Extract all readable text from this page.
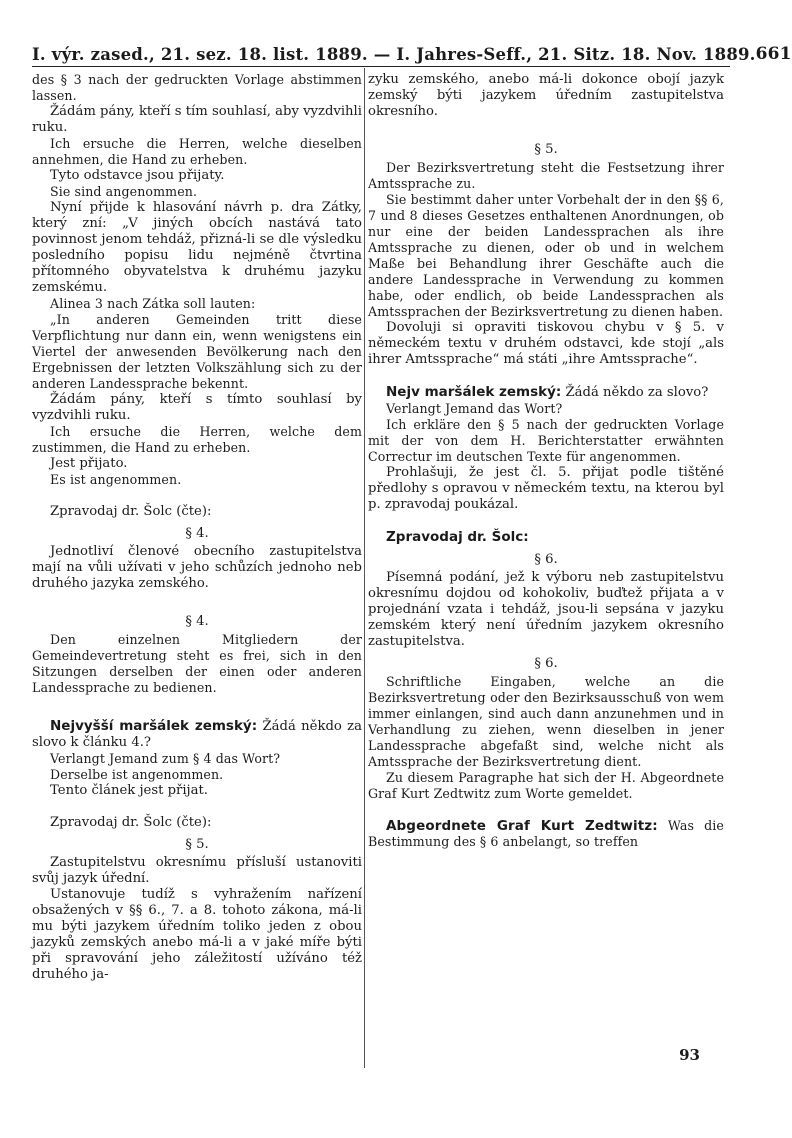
I. výr. zased., 21. sez. 18. list. 1889. — I. Jahres-Seff., 21. Sitz. 18. Nov. 1889. 661

des § 3 nach der gedruckten Vorlage abstimmen lassen.

Žádám pány, kteří s tím souhlasí, aby vyzdvihli ruku.

Ich ersuche die Herren, welche dieselben annehmen, die Hand zu erheben.

Tyto odstavce jsou přijaty.

Sie sind angenommen.

Nyní přijde k hlasování návrh p. dra Zátky, který zní: „V jiných obcích nastává tato povinnost jenom tehdáž, přizná-li se dle výsledku posledního popisu lidu nejméně čtvrtina přítomného obyvatelstva k druhému jazyku zemskému.

Alinea 3 nach Zátka soll lauten:

„In anderen Gemeinden tritt diese Verpflichtung nur dann ein, wenn wenigstens ein Viertel der anwesenden Bevölkerung nach den Ergebnissen der letzten Volkszählung sich zu der anderen Landessprache bekennt.

Žádám pány, kteří s tímto souhlasí by vyzdvihli ruku.

Ich ersuche die Herren, welche dem zustimmen, die Hand zu erheben.

Jest přijato.

Es ist angenommen.

Zpravodaj dr. Šolc (čte):

§ 4.

Jednotliví členové obecního zastupitelstva mají na vůli užívati v jeho schůzích jednoho neb druhého jazyka zemského.

§ 4.

Den einzelnen Mitgliedern der Gemeindevertretung steht es frei, sich in den Sitzungen derselben der einen oder anderen Landessprache zu bedienen.

Nejvyšší maršálek zemský: Žádá někdo za slovo k článku 4.?

Verlangt Jemand zum § 4 das Wort?

Derselbe ist angenommen.

Tento článek jest přijat.

Zpravodaj dr. Šolc (čte):

§ 5.

Zastupitelstvu okresnímu přísluší ustanoviti svůj jazyk úřední.

Ustanovuje tudíž s vyhražením nařízení obsažených v §§ 6., 7. a 8. tohoto zákona, má-li mu býti jazykem úředním toliko jeden z obou jazyků zemských anebo má-li a v jaké míře býti při spravování jeho záležitostí užíváno též druhého ja-

zyku zemského, anebo má-li dokonce obojí jazyk zemský býti jazykem úředním zastupitelstva okresního.

§ 5.

Der Bezirksvertretung steht die Festsetzung ihrer Amtssprache zu.

Sie bestimmt daher unter Vorbehalt der in den §§ 6, 7 und 8 dieses Gesetzes enthaltenen Anordnungen, ob nur eine der beiden Landessprachen als ihre Amtssprache zu dienen, oder ob und in welchem Maße bei Behandlung ihrer Geschäfte auch die andere Landessprache in Verwendung zu kommen habe, oder endlich, ob beide Landessprachen als Amtssprachen der Bezirksvertretung zu dienen haben.

Dovoluji si opraviti tiskovou chybu v § 5. v německém textu v druhém odstavci, kde stojí „als ihrer Amtssprache“ má státi „ihre Amtssprache“.

Nejv maršálek zemský: Žádá někdo za slovo?

Verlangt Jemand das Wort?

Ich erkläre den § 5 nach der gedruckten Vorlage mit der von dem H. Berichterstatter erwähnten Correctur im deutschen Texte für angenommen.

Prohlašuji, že jest čl. 5. přijat podle tištěné předlohy s opravou v německém textu, na kterou byl p. zpravodaj poukázal.

Zpravodaj dr. Šolc:

§ 6.

Písemná podání, jež k výboru neb zastupitelstvu okresnímu dojdou od kohokoliv, buďtež přijata a v projednání vzata i tehdáž, jsou-li sepsána v jazyku zemském který není úředním jazykem okresního zastupitelstva.

§ 6.

Schriftliche Eingaben, welche an die Bezirksvertretung oder den Bezirksausschuß von wem immer einlangen, sind auch dann anzunehmen und in Verhandlung zu ziehen, wenn dieselben in jener Landessprache abgefaßt sind, welche nicht als Amtssprache der Bezirksvertretung dient.

Zu diesem Paragraphe hat sich der H. Abgeordnete Graf Kurt Zedtwitz zum Worte gemeldet.

Abgeordnete Graf Kurt Zedtwitz: Was die Bestimmung des § 6 anbelangt, so treffen

93
